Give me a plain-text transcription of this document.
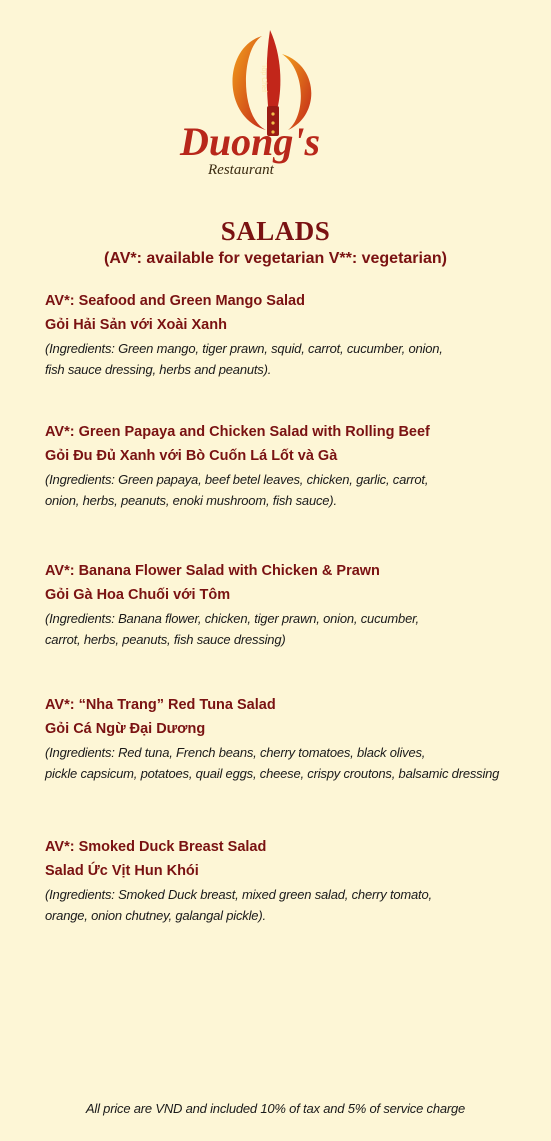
Top Chef
Duong's
Restaurant
SALADS
(AV*: available for vegetarian V**: vegetarian)
AV*: Seafood and Green Mango Salad
Gỏi Hải Sản với Xoài Xanh
(Ingredients: Green mango, tiger prawn, squid, carrot, cucumber, onion,
fish sauce dressing, herbs and peanuts).
AV*: Green Papaya and Chicken Salad with Rolling Beef
Gỏi Đu Đủ Xanh với Bò Cuốn Lá Lốt và Gà
(Ingredients: Green papaya, beef betel leaves, chicken, garlic, carrot,
onion, herbs, peanuts, enoki mushroom, fish sauce).
AV*: Banana Flower Salad with Chicken & Prawn
Gỏi Gà Hoa Chuối với Tôm
(Ingredients: Banana flower, chicken, tiger prawn, onion, cucumber,
carrot, herbs, peanuts, fish sauce dressing)
AV*: “Nha Trang” Red Tuna Salad
Gỏi Cá Ngừ Đại Dương
(Ingredients: Red tuna, French beans, cherry tomatoes, black olives,
pickle capsicum, potatoes, quail eggs, cheese, crispy croutons, balsamic dressing
AV*: Smoked Duck Breast Salad
Salad Ức Vịt Hun Khói
(Ingredients: Smoked Duck breast, mixed green salad, cherry tomato,
orange, onion chutney, galangal pickle).
All price are VND and included 10% of tax and 5% of service charge
